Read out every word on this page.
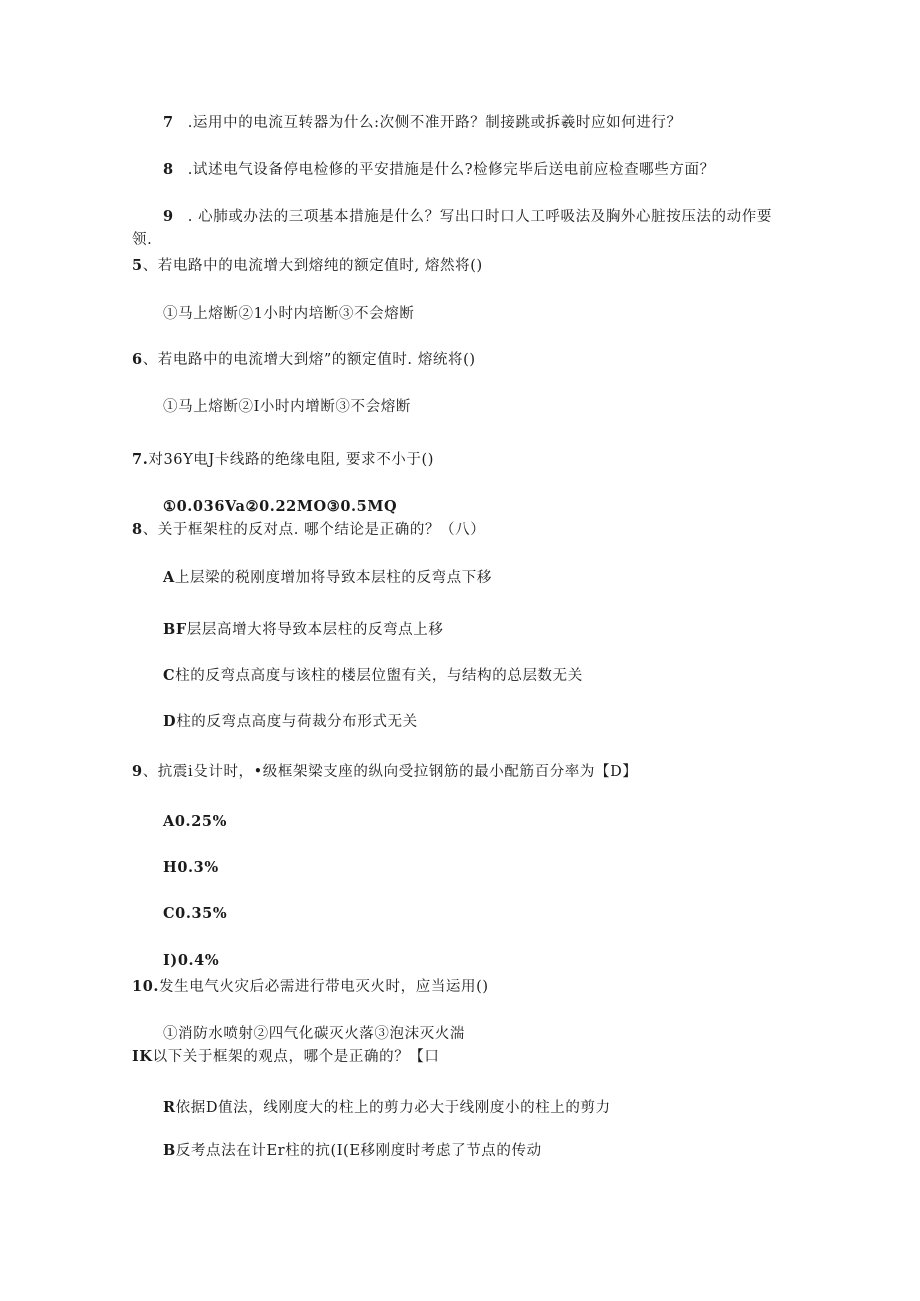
7 .运用中的电流互转器为什么:次侧不准开路？制接跳或拆羲时应如何进行？
8 .试述电气设备停电检修的平安措施是什么?检修完毕后送电前应检查哪些方面？
9 . 心肺或办法的三项基本措施是什么？写出口时口人工呼吸法及胸外心脏按压法的动作要
领.
5、若电路中的电流增大到熔纯的额定值时, 熔然将()
①马上熔断②1小时内培断③不会熔断
6、若电路中的电流增大到熔”的额定值时. 熔统将()
①马上熔断②I小时内增断③不会熔断
7.对36Y电J卡线路的绝缘电阻, 要求不小于()
①0.036Va②0.22MO③0.5MQ
8、关于框架柱的反对点. 哪个结论是正确的？（八）
A上层梁的税刚度增加将导致本层柱的反弯点下移
BF层层高增大将导致本层柱的反弯点上移
C柱的反弯点高度与该柱的楼层位盥有关，与结构的总层数无关
D柱的反弯点高度与荷裁分布形式无关
9、抗震i殳计时，•级框架梁支座的纵向受拉钢筋的最小配筋百分率为【D】
A0.25%
H0.3%
C0.35%
I)0.4%
10.发生电气火灾后必需进行带电灭火时，应当运用()
①消防水喷射②四气化碳灭火落③泡沫灭火湍
IK以下关于框架的观点，哪个是正确的？【口
R依据D值法，线刚度大的柱上的剪力必大于线刚度小的柱上的剪力
B反考点法在计Er柱的抗(I(E移刚度时考虑了节点的传动
